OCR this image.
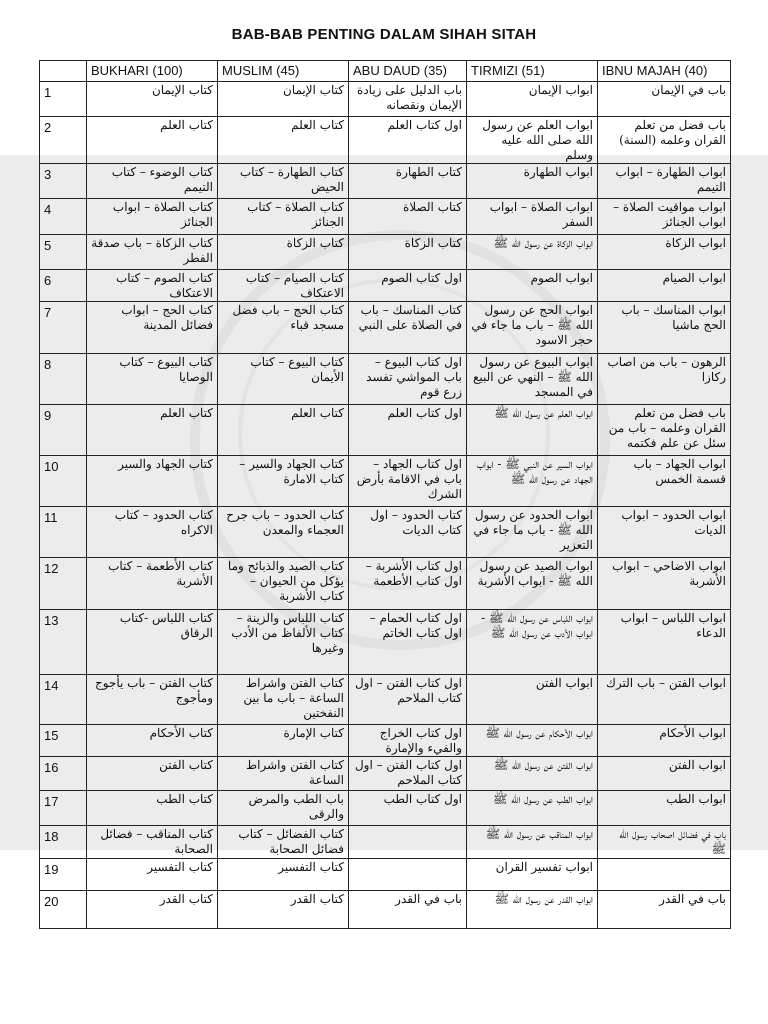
BAB-BAB PENTING DALAM SIHAH SITAH
	BUKHARI (100)	MUSLIM (45)	ABU DAUD (35)	TIRMIZI (51)	IBNU MAJAH (40)
1	كتاب الإيمان	كتاب الإيمان	باب الدليل على زيادة الإيمان ونقصانه	ابواب الإيمان	باب في الإيمان
2	كتاب العلم	كتاب العلم	اول كتاب العلم	ابواب العلم عن رسول الله صلى الله عليه وسلم	باب فضل من تعلم القران وعلمه (السنة)
3	كتاب الوضوء – كتاب التيمم	كتاب الطهارة – كتاب الحيض	كتاب الطهارة	ابواب الطهارة	ابواب الطهارة – ابواب التيمم
4	كتاب الصلاة – ابواب الجنائز	كتاب الصلاة – كتاب الجنائز	كتاب الصلاة	ابواب الصلاة – ابواب السفر	ابواب مواقيت الصلاة – ابواب الجنائز
5	كتاب الزكاة – باب صدقة الفطر	كتاب الزكاة	كتاب الزكاة	ابواب الزكاة عن رسول الله ﷺ	ابواب الزكاة
6	كتاب الصوم – كتاب الاعتكاف	كتاب الصيام – كتاب الاعتكاف	اول كتاب الصوم	ابواب الصوم	ابواب الصيام
7	كتاب الحج – ابواب فضائل المدينة	كتاب الحج – باب فضل مسجد قباء	كتاب المناسك – باب في الصلاة على النبي	ابواب الحج عن رسول الله ﷺ – باب ما جاء في حجر الاسود	ابواب المناسك – باب الحج ماشيا
8	كتاب البيوع – كتاب الوصايا	كتاب البيوع – كتاب الأيمان	اول كتاب البيوع – باب المواشي تفسد زرع قوم	ابواب البيوع عن رسول الله ﷺ – النهي عن البيع في المسجد	الرهون – باب من اصاب ركازا
9	كتاب العلم	كتاب العلم	اول كتاب العلم	ابواب العلم عن رسول الله ﷺ	باب فضل من تعلم القران وعلمه – باب من سئل عن علم فكتمه
10	كتاب الجهاد والسير	كتاب الجهاد والسير – كتاب الامارة	اول كتاب الجهاد – باب في الاقامة بأرض الشرك	ابواب السير عن النبي ﷺ - ابواب الجهاد عن رسول الله ﷺ	ابواب الجهاد – باب قسمة الخمس
11	كتاب الحدود – كتاب الاكراه	كتاب الحدود – باب جرح العجماء والمعدن	كتاب الحدود – اول كتاب الديات	ابواب الحدود عن رسول الله ﷺ - باب ما جاء في التعزير	ابواب الحدود – ابواب الديات
12	كتاب الأطعمة – كتاب الأشربة	كتاب الصيد والذبائح وما يؤكل من الحيوان – كتاب الأشربة	اول كتاب الأشربة – اول كتاب الأطعمة	ابواب الصيد عن رسول الله ﷺ - ابواب الأشربة	ابواب الاضاحي – ابواب الأشربة
13	كتاب اللباس -كتاب الرقاق	كتاب اللباس والزينة – كتاب الألفاظ من الأدب وغيرها	اول كتاب الحمام – اول كتاب الخاتم	ابواب اللباس عن رسول الله ﷺ - ابواب الأدب عن رسول الله ﷺ	ابواب اللباس – ابواب الدعاء
14	كتاب الفتن – باب يأجوج ومأجوج	كتاب الفتن واشراط الساعة – باب ما بين النفختين	اول كتاب الفتن – اول كتاب الملاحم	ابواب الفتن	ابواب الفتن – باب الترك
15	كتاب الأحكام	كتاب الإمارة	اول كتاب الخراج والفيء والإمارة	ابواب الأحكام عن رسول الله ﷺ	ابواب الأحكام
16	كتاب الفتن	كتاب الفتن واشراط الساعة	اول كتاب الفتن – اول كتاب الملاحم	ابواب الفتن عن رسول الله ﷺ	ابواب الفتن
17	كتاب الطب	باب الطب والمرض والرقى	اول كتاب الطب	ابواب الطب عن رسول الله ﷺ	ابواب الطب
18	كتاب المناقب – فضائل الصحابة	كتاب الفضائل – كتاب فضائل الصحابة		ابواب المناقب عن رسول الله ﷺ	باب في فضائل اصحاب رسول الله ﷺ
19	كتاب التفسير	كتاب التفسير		ابواب تفسير القران	
20	كتاب القدر	كتاب القدر	باب في القدر	ابواب القدر عن رسول الله ﷺ	باب في القدر
